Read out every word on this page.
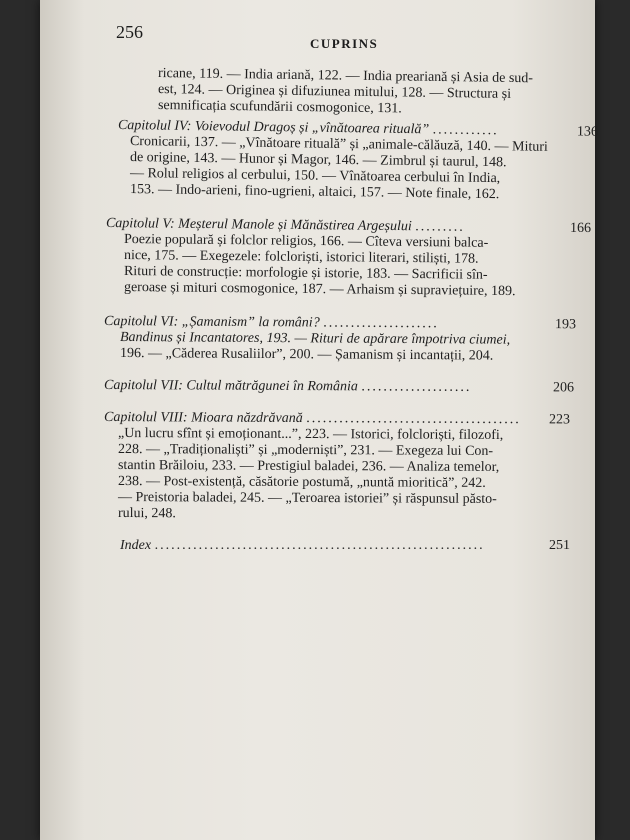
256
CUPRINS
ricane, 119. — India ariană, 122. — India preariană și Asia de sud-
est, 124. — Originea și difuziunea mitului, 128. — Structura și
semnificația scufundării cosmogonice, 131.
Capitolul IV: Voievodul Dragoș și „vînătoarea rituală” ............	136
Cronicarii, 137. — „Vînătoare rituală” și „animale-călăuză, 140. — Mituri
de origine, 143. — Hunor și Magor, 146. — Zimbrul și taurul, 148.
— Rolul religios al cerbului, 150. — Vînătoarea cerbului în India,
153. — Indo-arieni, fino-ugrieni, altaici, 157. — Note finale, 162.
Capitolul V: Meșterul Manole și Mănăstirea Argeșului .........	166
Poezie populară și folclor religios, 166. — Cîteva versiuni balca-
nice, 175. — Exegezele: folcloriști, istorici literari, stiliști, 178.
Rituri de construcție: morfologie și istorie, 183. — Sacrificii sîn-
geroase și mituri cosmogonice, 187. — Arhaism și supraviețuire, 189.
Capitolul VI: „Șamanism” la români? .....................	193
Bandinus și Incantatores, 193. — Rituri de apărare împotriva ciumei,
196. — „Căderea Rusaliilor”, 200. — Șamanism și incantații, 204.
Capitolul VII: Cultul mătrăgunei în România ....................	206
Capitolul VIII: Mioara năzdrăvană ....................................... 223
„Un lucru sfînt și emoționant...”, 223. — Istorici, folcloriști, filozofi,
228. — „Tradiționaliști” și „moderniști”, 231. — Exegeza lui Con-
stantin Brăiloiu, 233. — Prestigiul baladei, 236. — Analiza temelor,
238. — Post-existență, căsătorie postumă, „nuntă mioritică”, 242.
— Preistoria baladei, 245. — „Teroarea istoriei” și răspunsul păsto-
rului, 248.
Index ............................................................	251
